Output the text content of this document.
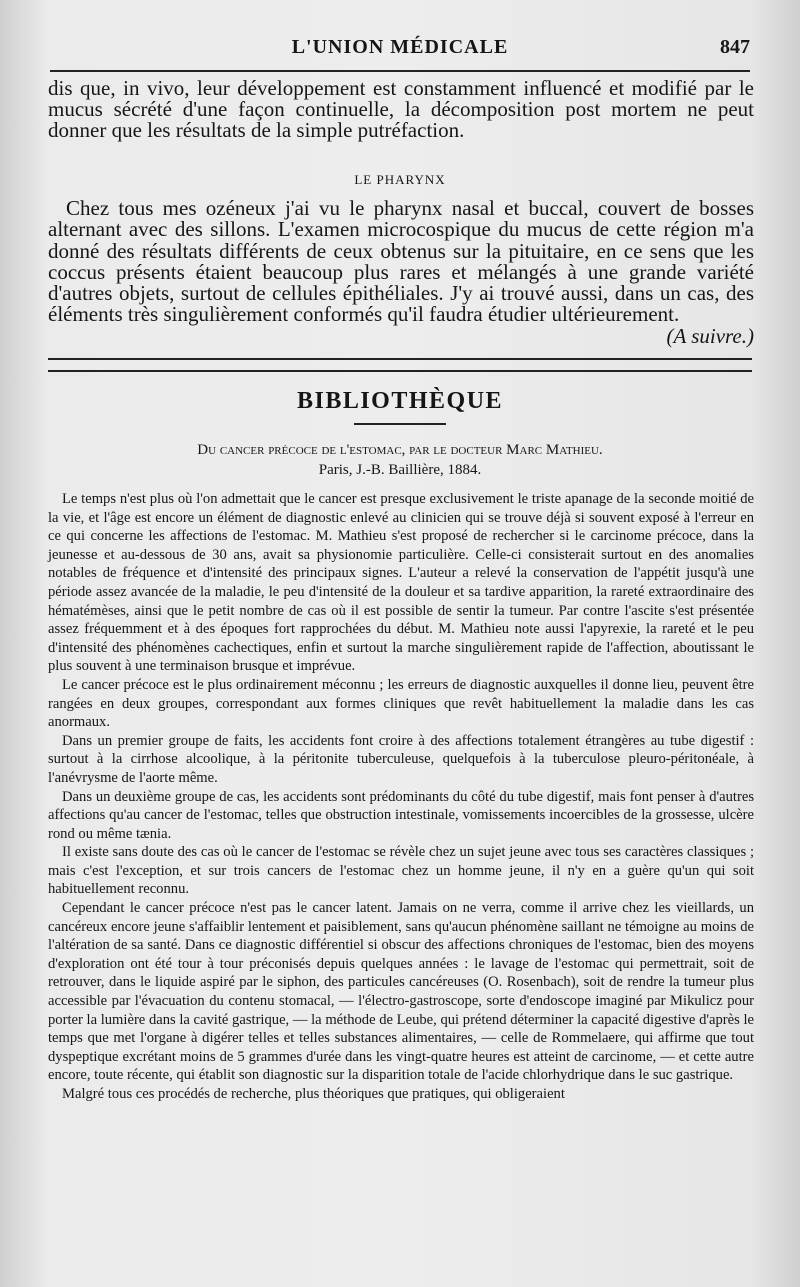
L'UNION MÉDICALE	847

dis que, in vivo, leur développement est constamment influencé et modifié par le mucus sécrété d'une façon continuelle, la décomposition post mortem ne peut donner que les résultats de la simple putréfaction.

LE PHARYNX

Chez tous mes ozéneux j'ai vu le pharynx nasal et buccal, couvert de bosses alternant avec des sillons. L'examen microcospique du mucus de cette région m'a donné des résultats différents de ceux obtenus sur la pituitaire, en ce sens que les coccus présents étaient beaucoup plus rares et mélangés à une grande variété d'autres objets, surtout de cellules épithéliales. J'y ai trouvé aussi, dans un cas, des éléments très singulièrement conformés qu'il faudra étudier ultérieurement.
(A suivre.)

BIBLIOTHÈQUE
Du cancer précoce de l'estomac, par le docteur Marc Mathieu.
Paris, J.-B. Baillière, 1884.

Le temps n'est plus où l'on admettait que le cancer est presque exclusivement le triste apanage de la seconde moitié de la vie, et l'âge est encore un élément de diagnostic enlevé au clinicien qui se trouve déjà si souvent exposé à l'erreur en ce qui concerne les affections de l'estomac. M. Mathieu s'est proposé de rechercher si le carcinome précoce, dans la jeunesse et au-dessous de 30 ans, avait sa physionomie particulière. Celle-ci consisterait surtout en des anomalies notables de fréquence et d'intensité des principaux signes. L'auteur a relevé la conservation de l'appétit jusqu'à une période assez avancée de la maladie, le peu d'intensité de la douleur et sa tardive apparition, la rareté extraordinaire des hématémèses, ainsi que le petit nombre de cas où il est possible de sentir la tumeur. Par contre l'ascite s'est présentée assez fréquemment et à des époques fort rapprochées du début. M. Mathieu note aussi l'apyrexie, la rareté et le peu d'intensité des phénomènes cachectiques, enfin et surtout la marche singulièrement rapide de l'affection, aboutissant le plus souvent à une terminaison brusque et imprévue.

Le cancer précoce est le plus ordinairement méconnu ; les erreurs de diagnostic auxquelles il donne lieu, peuvent être rangées en deux groupes, correspondant aux formes cliniques que revêt habituellement la maladie dans les cas anormaux.

Dans un premier groupe de faits, les accidents font croire à des affections totalement étrangères au tube digestif : surtout à la cirrhose alcoolique, à la péritonite tuberculeuse, quelquefois à la tuberculose pleuro-péritonéale, à l'anévrysme de l'aorte même.

Dans un deuxième groupe de cas, les accidents sont prédominants du côté du tube digestif, mais font penser à d'autres affections qu'au cancer de l'estomac, telles que obstruction intestinale, vomissements incoercibles de la grossesse, ulcère rond ou même tænia.

Il existe sans doute des cas où le cancer de l'estomac se révèle chez un sujet jeune avec tous ses caractères classiques ; mais c'est l'exception, et sur trois cancers de l'estomac chez un homme jeune, il n'y en a guère qu'un qui soit habituellement reconnu.

Cependant le cancer précoce n'est pas le cancer latent. Jamais on ne verra, comme il arrive chez les vieillards, un cancéreux encore jeune s'affaiblir lentement et paisiblement, sans qu'aucun phénomène saillant ne témoigne au moins de l'altération de sa santé. Dans ce diagnostic différentiel si obscur des affections chroniques de l'estomac, bien des moyens d'exploration ont été tour à tour préconisés depuis quelques années : le lavage de l'estomac qui permettrait, soit de retrouver, dans le liquide aspiré par le siphon, des particules cancéreuses (O. Rosenbach), soit de rendre la tumeur plus accessible par l'évacuation du contenu stomacal, — l'électro-gastroscope, sorte d'endoscope imaginé par Mikulicz pour porter la lumière dans la cavité gastrique, — la méthode de Leube, qui prétend déterminer la capacité digestive d'après le temps que met l'organe à digérer telles et telles substances alimentaires, — celle de Rommelaere, qui affirme que tout dyspeptique excrétant moins de 5 grammes d'urée dans les vingt-quatre heures est atteint de carcinome, — et cette autre encore, toute récente, qui établit son diagnostic sur la disparition totale de l'acide chlorhydrique dans le suc gastrique.

Malgré tous ces procédés de recherche, plus théoriques que pratiques, qui obligeraient
